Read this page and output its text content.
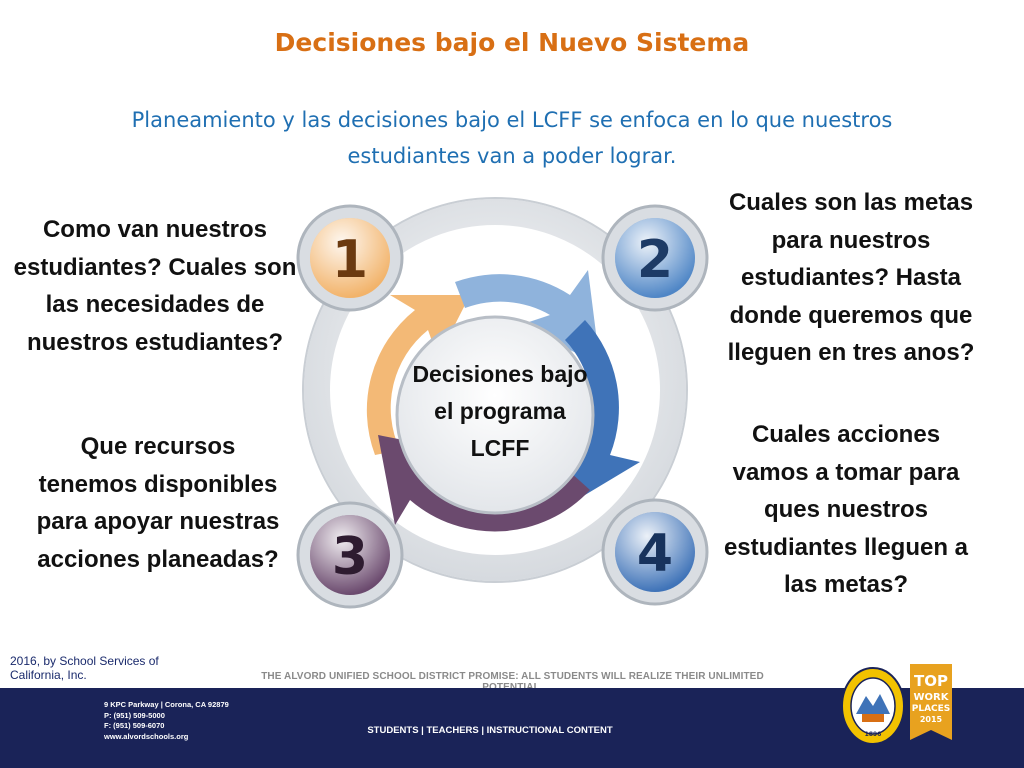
Decisiones bajo el Nuevo Sistema
Planeamiento y las decisiones bajo el LCFF se enfoca en lo que nuestros estudiantes van a poder lograr.
Como van nuestros estudiantes? Cuales son las necesidades de nuestros estudiantes?
Que recursos tenemos disponibles para apoyar nuestras acciones planeadas?
Cuales son las metas para nuestros estudiantes? Hasta donde queremos que lleguen en tres anos?
Cuales acciones vamos a tomar para ques nuestros estudiantes lleguen a las metas?
1	2
3	4
Decisiones bajo el programa LCFF
2016, by School Services of California, Inc.	THE ALVORD UNIFIED SCHOOL DISTRICT PROMISE: ALL STUDENTS WILL REALIZE THEIR UNLIMITED
9 KPC Parkway | Corona, CA 92879
P: (951) 509-5000
F: (951) 509-6070
www.alvordschools.org	STUDENTS | TEACHERS | INSTRUCTIONAL CONTENT	1896
TOP
WORK
PLACES
2015
